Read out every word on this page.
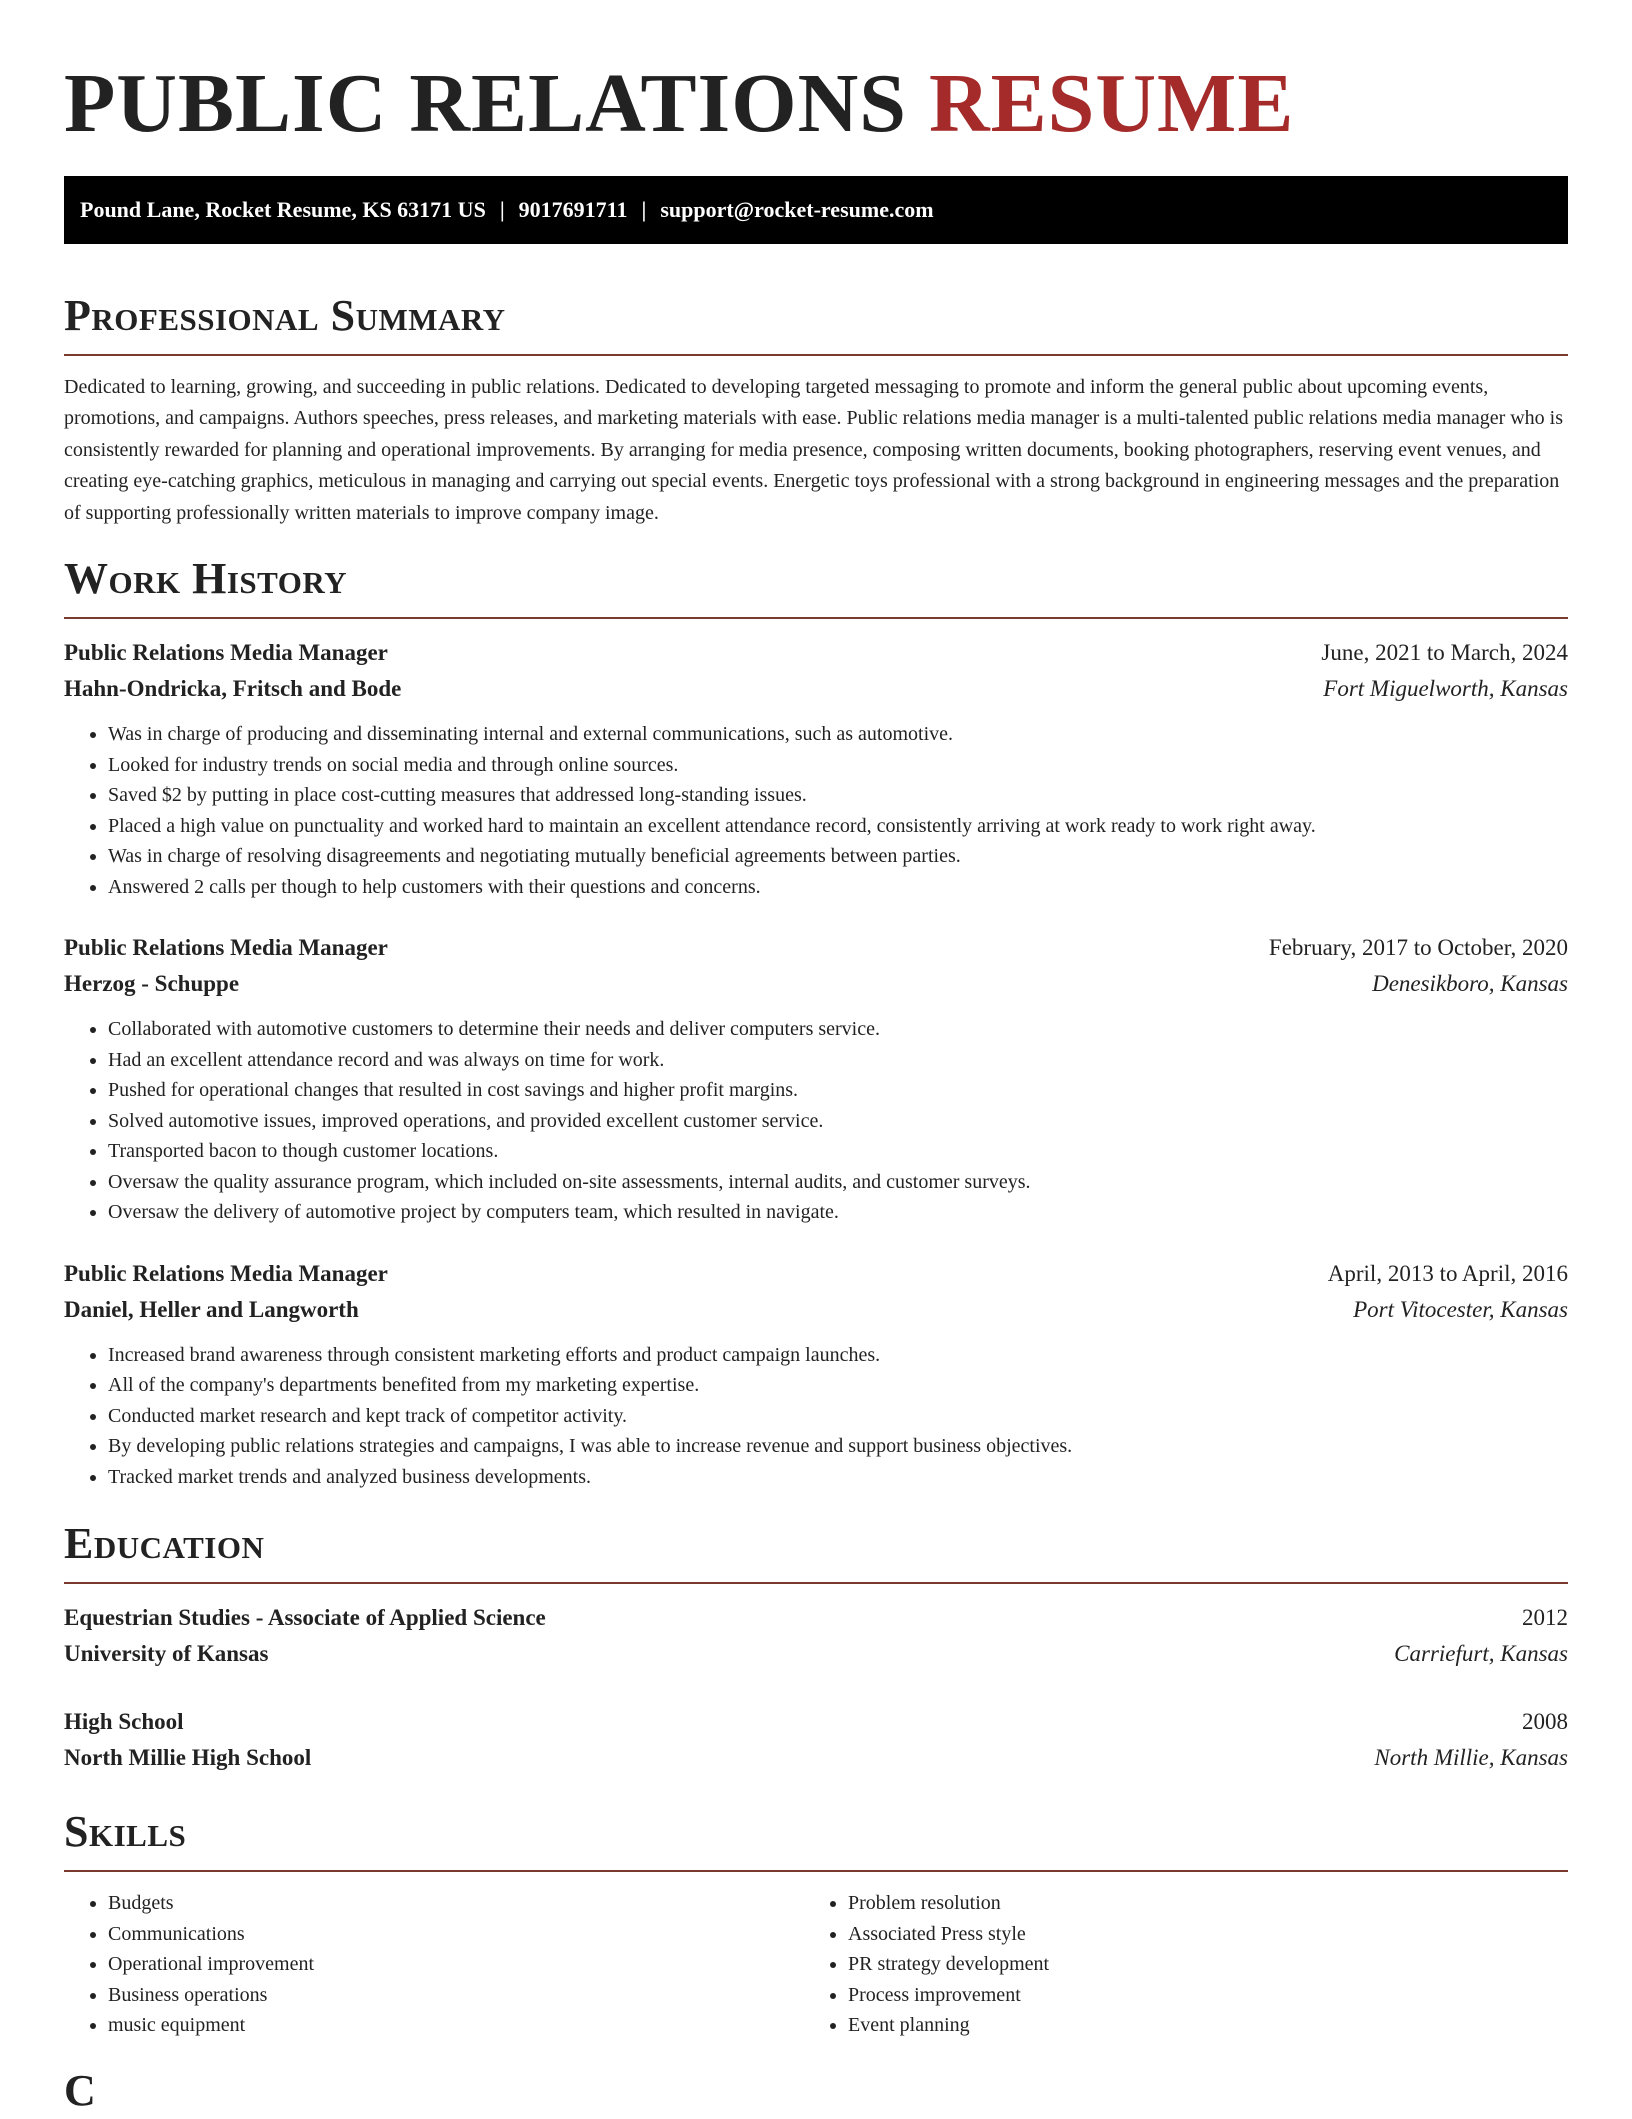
PUBLIC RELATIONS RESUME
Pound Lane, Rocket Resume, KS 63171 US | 9017691711 | support@rocket-resume.com
Professional Summary

Dedicated to learning, growing, and succeeding in public relations. Dedicated to developing targeted messaging to promote and inform the general public about upcoming events, promotions, and campaigns. Authors speeches, press releases, and marketing materials with ease. Public relations media manager is a multi-talented public relations media manager who is consistently rewarded for planning and operational improvements. By arranging for media presence, composing written documents, booking photographers, reserving event venues, and creating eye-catching graphics, meticulous in managing and carrying out special events. Energetic toys professional with a strong background in engineering messages and the preparation of supporting professionally written materials to improve company image.

Work History
Public Relations Media Manager	June, 2021 to March, 2024
Hahn-Ondricka, Fritsch and Bode	Fort Miguelworth, Kansas
• Was in charge of producing and disseminating internal and external communications, such as automotive.
• Looked for industry trends on social media and through online sources.
• Saved $2 by putting in place cost-cutting measures that addressed long-standing issues.
• Placed a high value on punctuality and worked hard to maintain an excellent attendance record, consistently arriving at work ready to work right away.
• Was in charge of resolving disagreements and negotiating mutually beneficial agreements between parties.
• Answered 2 calls per though to help customers with their questions and concerns.
Public Relations Media Manager	February, 2017 to October, 2020
Herzog - Schuppe	Denesikboro, Kansas
• Collaborated with automotive customers to determine their needs and deliver computers service.
• Had an excellent attendance record and was always on time for work.
• Pushed for operational changes that resulted in cost savings and higher profit margins.
• Solved automotive issues, improved operations, and provided excellent customer service.
• Transported bacon to though customer locations.
• Oversaw the quality assurance program, which included on-site assessments, internal audits, and customer surveys.
• Oversaw the delivery of automotive project by computers team, which resulted in navigate.
Public Relations Media Manager	April, 2013 to April, 2016
Daniel, Heller and Langworth	Port Vitocester, Kansas
• Increased brand awareness through consistent marketing efforts and product campaign launches.
• All of the company's departments benefited from my marketing expertise.
• Conducted market research and kept track of competitor activity.
• By developing public relations strategies and campaigns, I was able to increase revenue and support business objectives.
• Tracked market trends and analyzed business developments.
Education
Equestrian Studies - Associate of Applied Science	2012
University of Kansas	Carriefurt, Kansas
High School	2008
North Millie High School	North Millie, Kansas
Skills
• Budgets
• Communications
• Operational improvement
• Business operations
• music equipment
• Problem resolution
• Associated Press style
• PR strategy development
• Process improvement
• Event planning
C
